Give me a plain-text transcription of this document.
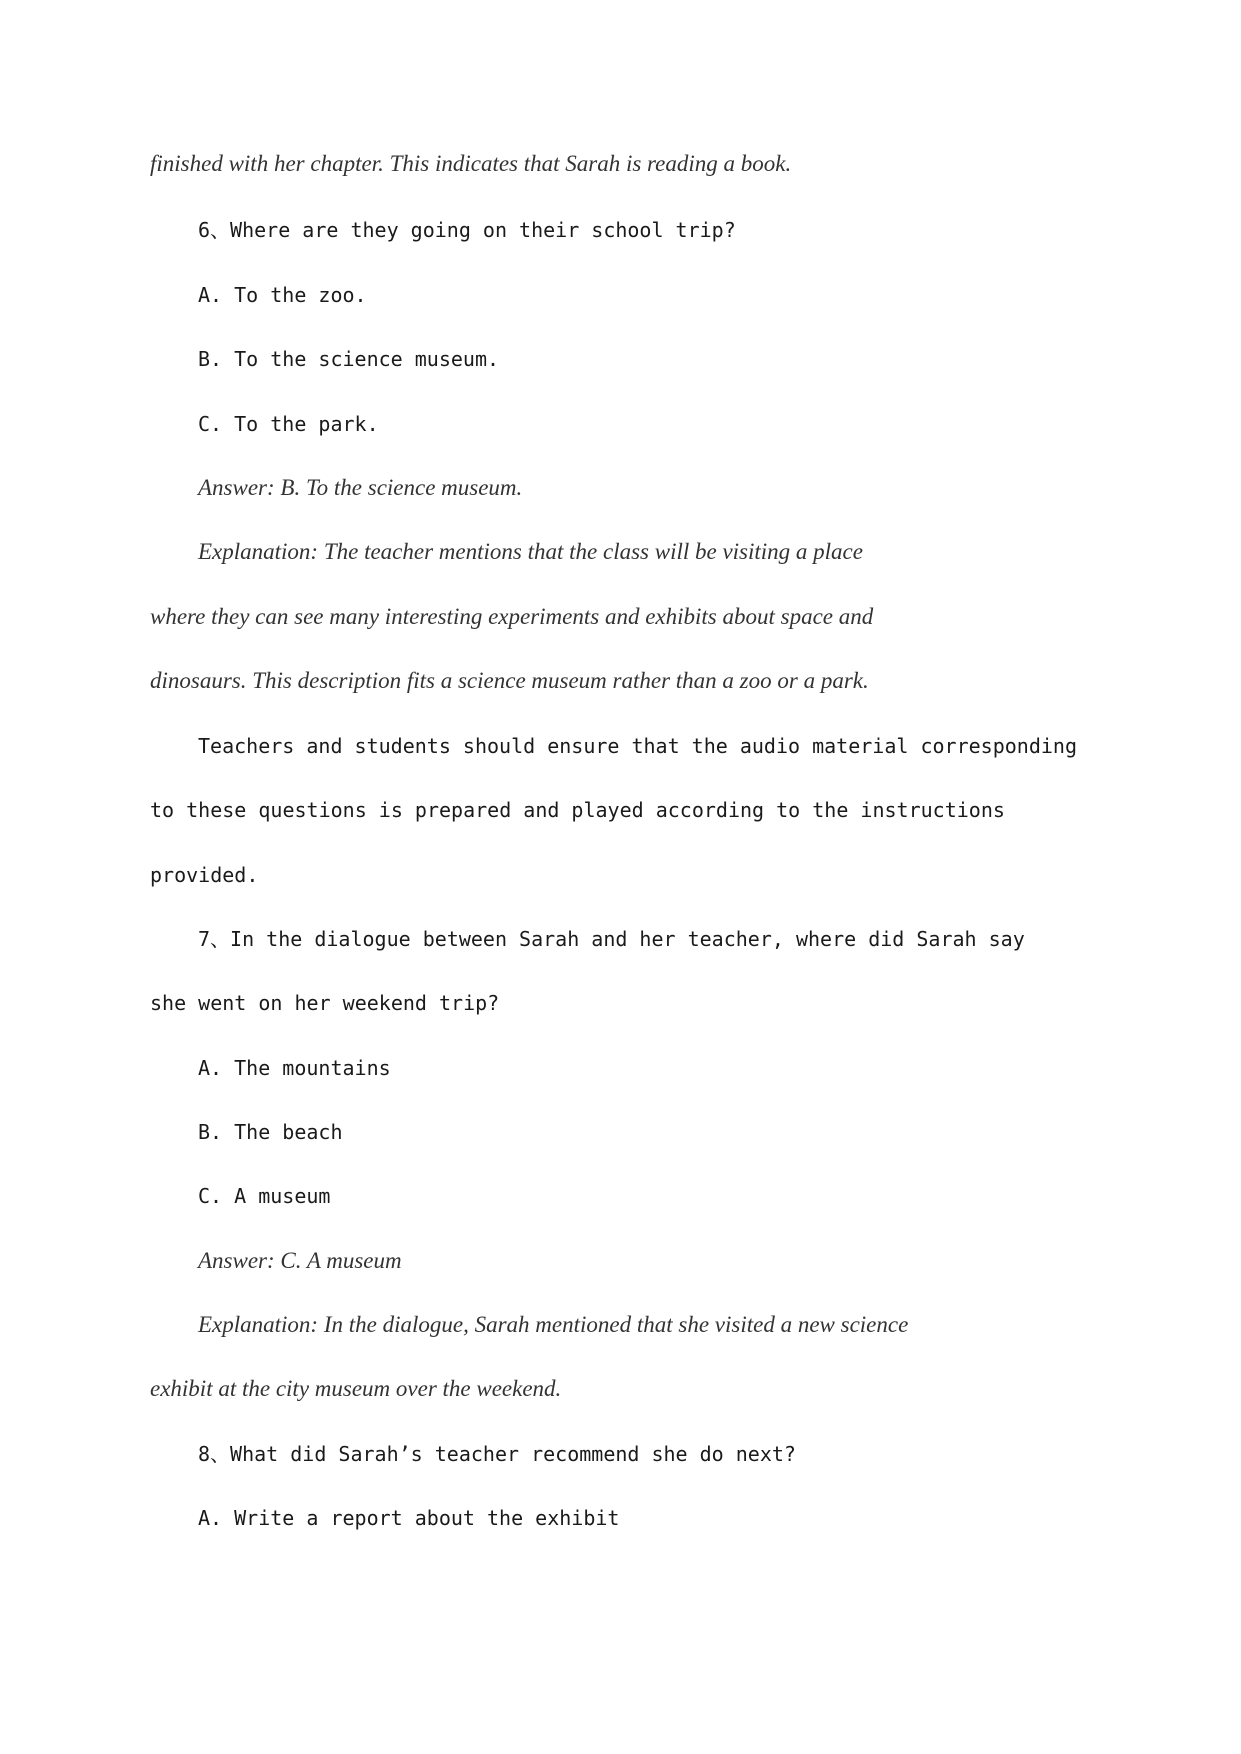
finished with her chapter. This indicates that Sarah is reading a book.

6、Where are they going on their school trip?

A. To the zoo.

B. To the science museum.

C. To the park.

Answer: B. To the science museum.

Explanation: The teacher mentions that the class will be visiting a place

where they can see many interesting experiments and exhibits about space and

dinosaurs. This description fits a science museum rather than a zoo or a park.

Teachers and students should ensure that the audio material corresponding

to these questions is prepared and played according to the instructions

provided.

7、In the dialogue between Sarah and her teacher, where did Sarah say

she went on her weekend trip?

A. The mountains

B. The beach

C. A museum

Answer: C. A museum

Explanation: In the dialogue, Sarah mentioned that she visited a new science

exhibit at the city museum over the weekend.

8、What did Sarah’s teacher recommend she do next?

A. Write a report about the exhibit
